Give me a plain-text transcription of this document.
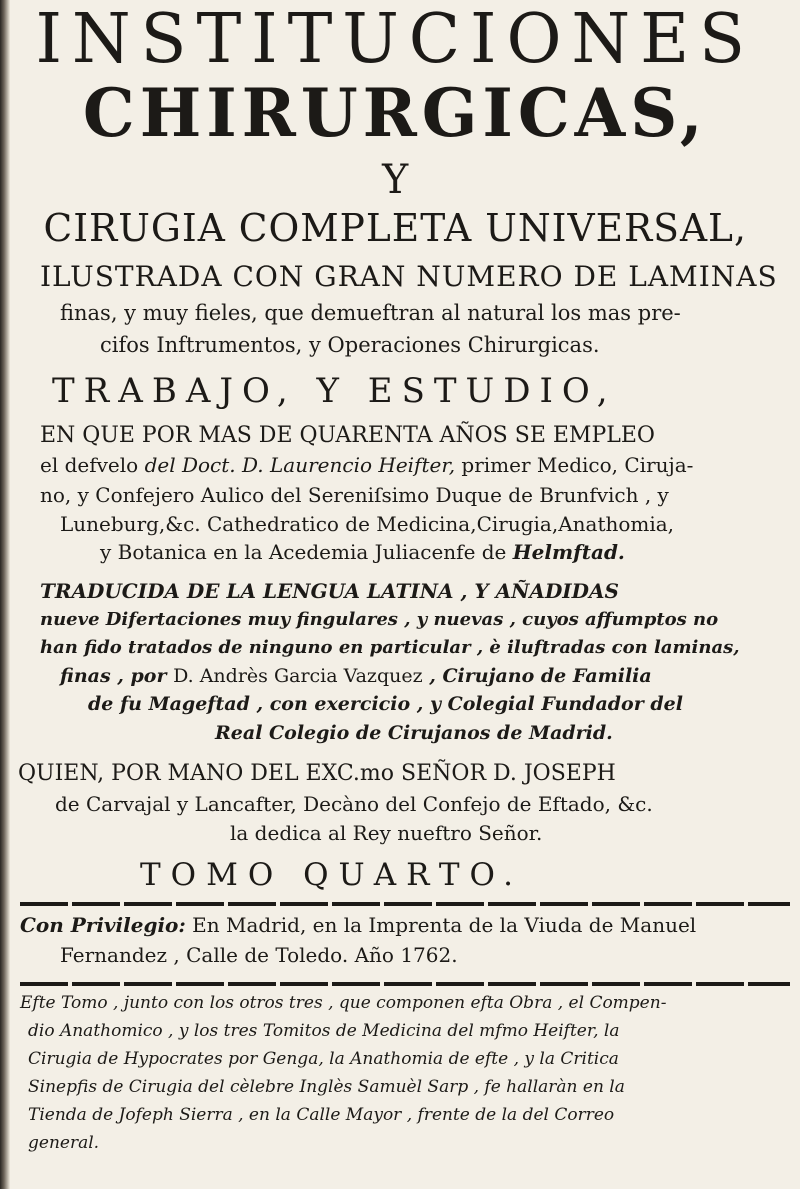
INSTITUCIONES
CHIRURGICAS,
Y
CIRUGIA COMPLETA UNIVERSAL,
ILUSTRADA CON GRAN NUMERO DE LAMINAS
finas, y muy fieles, que demueftran al natural los mas pre-
cifos Inftrumentos, y Operaciones Chirurgicas.
TRABAJO, Y ESTUDIO,
EN QUE POR MAS DE QUARENTA AÑOS SE EMPLEO
el defvelo del Doct. D. Laurencio Heifter, primer Medico, Ciruja-
no, y Confejero Aulico del Sereniſsimo Duque de Brunfvich , y
Luneburg,&c. Cathedratico de Medicina,Cirugia,Anathomia,
y Botanica en la Acedemia Juliacenfe de Helmftad.
TRADUCIDA DE LA LENGUA LATINA , Y AÑADIDAS
nueve Difertaciones muy fingulares , y nuevas , cuyos affumptos no
han fido tratados de ninguno en particular , è iluftradas con laminas,
finas , por D. Andrès Garcia Vazquez , Cirujano de Familia
de fu Mageftad , con exercicio , y Colegial Fundador del
Real Colegio de Cirujanos de Madrid.
QUIEN, POR MANO DEL EXC.mo SEÑOR D. JOSEPH
de Carvajal y Lancafter, Decàno del Confejo de Eftado, &c.
la dedica al Rey nueftro Señor.
TOMO QUARTO.
Con Privilegio: En Madrid, en la Imprenta de la Viuda de Manuel
Fernandez , Calle de Toledo. Año 1762.
Efte Tomo , junto con los otros tres , que componen efta Obra , el Compen-
dio Anathomico , y los tres Tomitos de Medicina del mfmo Heifter, la
Cirugia de Hypocrates por Genga, la Anathomia de efte , y la Critica
Sinepfis de Cirugia del cèlebre Inglès Samuèl Sarp , fe hallaràn en la
Tienda de Jofeph Sierra , en la Calle Mayor , frente de la del Correo
general.
